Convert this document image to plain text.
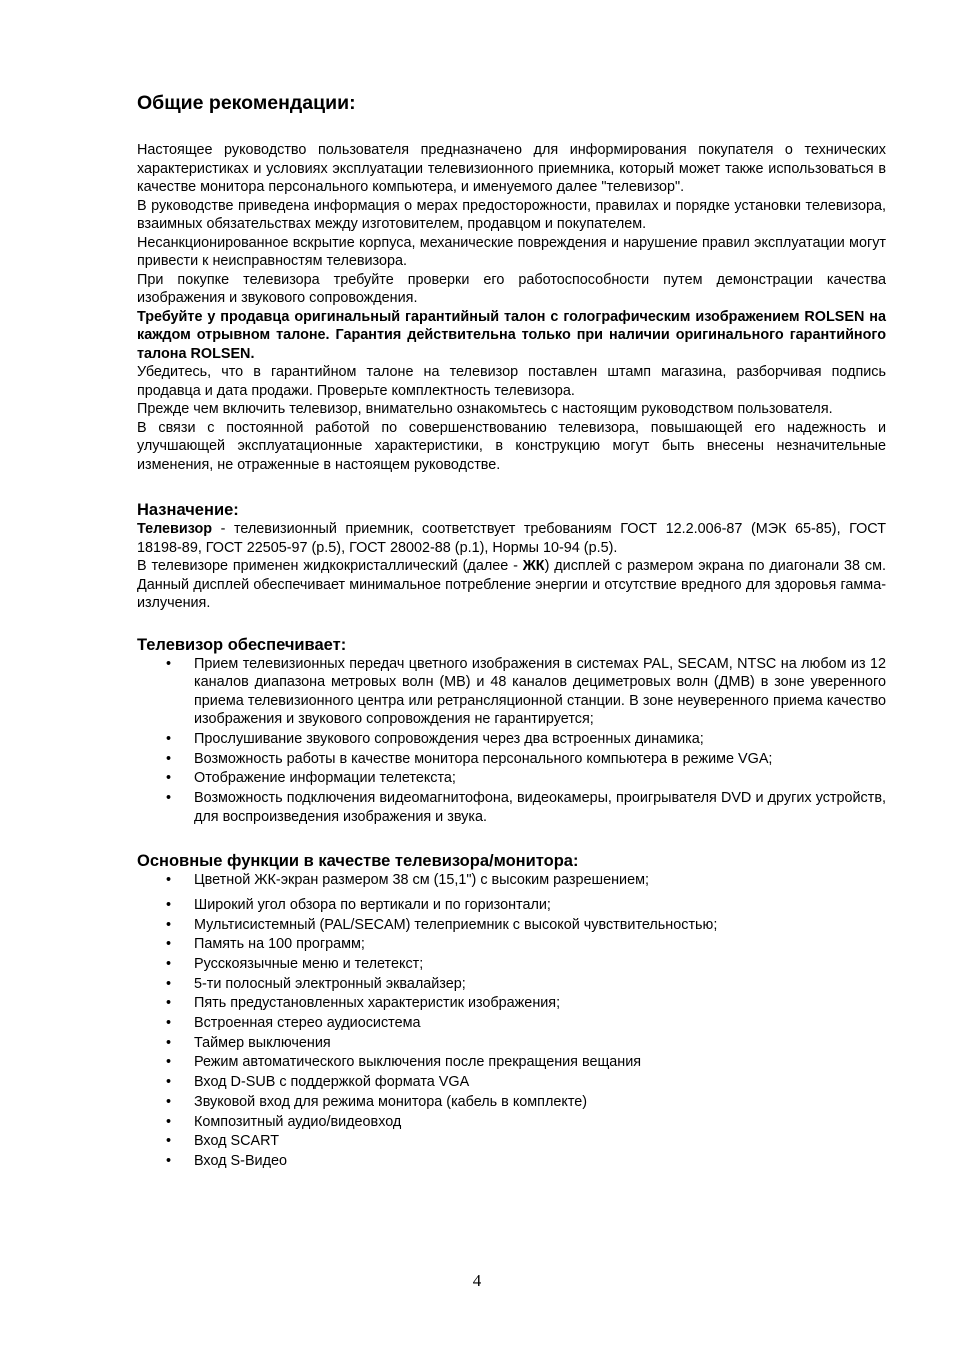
Общие рекомендации:

Настоящее руководство пользователя предназначено для информирования покупателя о технических характеристиках и условиях эксплуатации телевизионного приемника, который может также использоваться в качестве монитора персонального компьютера, и именуемого далее "телевизор".

В руководстве приведена информация о мерах предосторожности, правилах и порядке установки телевизора, взаимных обязательствах между изготовителем, продавцом и покупателем.

Несанкционированное вскрытие корпуса, механические повреждения и нарушение правил эксплуатации могут привести к неисправностям телевизора.

При покупке телевизора требуйте проверки его работоспособности путем демонстрации качества изображения и звукового сопровождения.

Требуйте у продавца оригинальный гарантийный талон с голографическим изображением ROLSEN на каждом отрывном талоне. Гарантия действительна только при наличии оригинального гарантийного талона ROLSEN.

Убедитесь, что в гарантийном талоне на телевизор поставлен штамп магазина, разборчивая подпись продавца и дата продажи. Проверьте комплектность телевизора.

Прежде чем включить телевизор, внимательно ознакомьтесь с настоящим руководством пользователя.

В связи с постоянной работой по совершенствованию телевизора, повышающей его надежность и улучшающей эксплуатационные характеристики, в конструкцию могут быть внесены незначительные изменения, не отраженные в настоящем руководстве.

Назначение:

Телевизор - телевизионный приемник, соответствует требованиям ГОСТ 12.2.006-87 (МЭК 65-85), ГОСТ 18198-89, ГОСТ 22505-97 (р.5), ГОСТ 28002-88 (р.1), Нормы 10-94 (р.5).

В телевизоре применен жидкокристаллический (далее - ЖК) дисплей с размером экрана по диагонали 38 см. Данный дисплей обеспечивает минимальное потребление энергии и отсутствие вредного для здоровья гамма-излучения.

Телевизор обеспечивает:
• Прием телевизионных передач цветного изображения в системах PAL, SECAM, NTSC на любом из 12 каналов диапазона метровых волн (МВ) и 48 каналов дециметровых волн (ДМВ) в зоне уверенного приема телевизионного центра или ретрансляционной станции. В зоне неуверенного приема качество изображения и звукового сопровождения не гарантируется;
• Прослушивание звукового сопровождения через два встроенных динамика;
• Возможность работы в качестве монитора персонального компьютера в режиме VGA;
• Отображение информации телетекста;
• Возможность подключения видеомагнитофона, видеокамеры, проигрывателя DVD и других устройств, для воспроизведения изображения и звука.
Основные функции в качестве телевизора/монитора:
• Цветной ЖК-экран размером 38 см (15,1") с высоким разрешением;
• Широкий угол обзора по вертикали и по горизонтали;
• Мультисистемный (PAL/SECAM) телеприемник с высокой чувствительностью;
• Память на 100 программ;
• Русскоязычные меню и телетекст;
• 5-ти полосный электронный эквалайзер;
• Пять предустановленных характеристик изображения;
• Встроенная стерео аудиосистема
• Таймер выключения
• Режим автоматического выключения после прекращения вещания
• Вход D-SUB с поддержкой формата VGA
• Звуковой вход для режима монитора (кабель в комплекте)
• Композитный аудио/видеовход
• Вход SCART
• Вход S-Видео
4
